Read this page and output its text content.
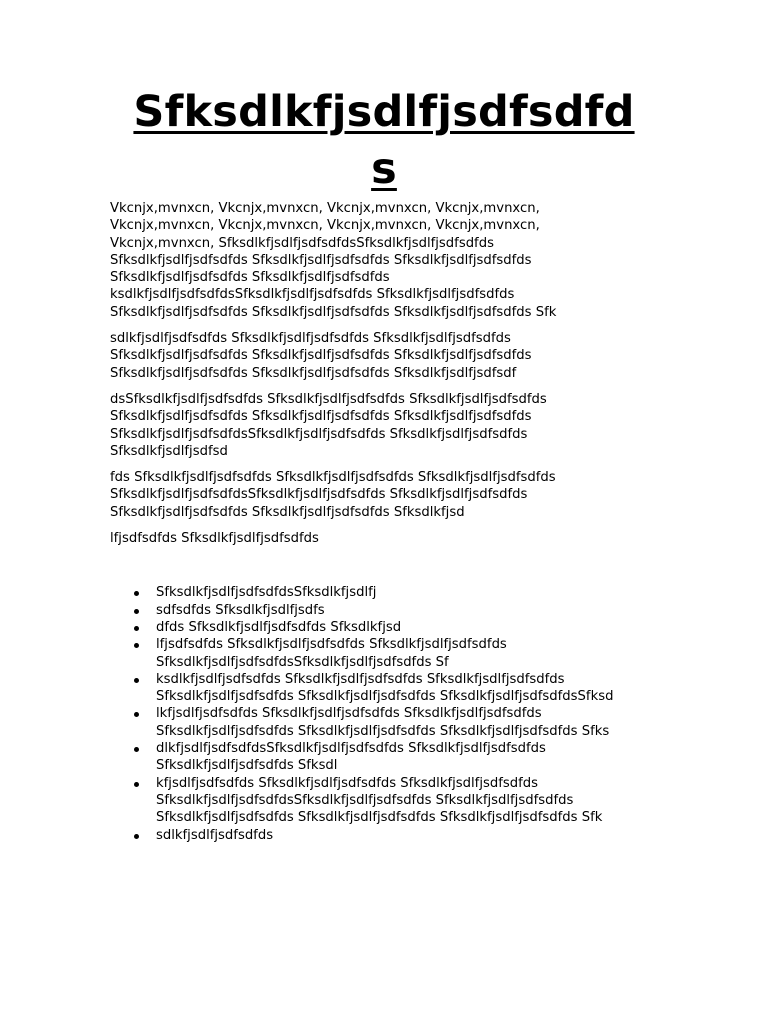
Sfksdlkfjsdlfjsdfsdfd
s

Vkcnjx,mvnxcn, Vkcnjx,mvnxcn, Vkcnjx,mvnxcn, Vkcnjx,mvnxcn,
Vkcnjx,mvnxcn, Vkcnjx,mvnxcn, Vkcnjx,mvnxcn, Vkcnjx,mvnxcn,
Vkcnjx,mvnxcn, SfksdlkfjsdlfjsdfsdfdsSfksdlkfjsdlfjsdfsdfds
Sfksdlkfjsdlfjsdfsdfds Sfksdlkfjsdlfjsdfsdfds Sfksdlkfjsdlfjsdfsdfds
Sfksdlkfjsdlfjsdfsdfds Sfksdlkfjsdlfjsdfsdfds
ksdlkfjsdlfjsdfsdfdsSfksdlkfjsdlfjsdfsdfds Sfksdlkfjsdlfjsdfsdfds
Sfksdlkfjsdlfjsdfsdfds Sfksdlkfjsdlfjsdfsdfds Sfksdlkfjsdlfjsdfsdfds Sfk

sdlkfjsdlfjsdfsdfds Sfksdlkfjsdlfjsdfsdfds Sfksdlkfjsdlfjsdfsdfds
Sfksdlkfjsdlfjsdfsdfds Sfksdlkfjsdlfjsdfsdfds Sfksdlkfjsdlfjsdfsdfds
Sfksdlkfjsdlfjsdfsdfds Sfksdlkfjsdlfjsdfsdfds Sfksdlkfjsdlfjsdfsdf

dsSfksdlkfjsdlfjsdfsdfds Sfksdlkfjsdlfjsdfsdfds Sfksdlkfjsdlfjsdfsdfds
Sfksdlkfjsdlfjsdfsdfds Sfksdlkfjsdlfjsdfsdfds Sfksdlkfjsdlfjsdfsdfds
SfksdlkfjsdlfjsdfsdfdsSfksdlkfjsdlfjsdfsdfds Sfksdlkfjsdlfjsdfsdfds
Sfksdlkfjsdlfjsdfsd

fds Sfksdlkfjsdlfjsdfsdfds Sfksdlkfjsdlfjsdfsdfds Sfksdlkfjsdlfjsdfsdfds
SfksdlkfjsdlfjsdfsdfdsSfksdlkfjsdlfjsdfsdfds Sfksdlkfjsdlfjsdfsdfds
Sfksdlkfjsdlfjsdfsdfds Sfksdlkfjsdlfjsdfsdfds Sfksdlkfjsd

lfjsdfsdfds Sfksdlkfjsdlfjsdfsdfds

SfksdlkfjsdlfjsdfsdfdsSfksdlkfjsdlfj
sdfsdfds Sfksdlkfjsdlfjsdfs
dfds Sfksdlkfjsdlfjsdfsdfds Sfksdlkfjsd
lfjsdfsdfds Sfksdlkfjsdlfjsdfsdfds Sfksdlkfjsdlfjsdfsdfds
SfksdlkfjsdlfjsdfsdfdsSfksdlkfjsdlfjsdfsdfds Sf
ksdlkfjsdlfjsdfsdfds Sfksdlkfjsdlfjsdfsdfds Sfksdlkfjsdlfjsdfsdfds
Sfksdlkfjsdlfjsdfsdfds Sfksdlkfjsdlfjsdfsdfds SfksdlkfjsdlfjsdfsdfdsSfksd
lkfjsdlfjsdfsdfds Sfksdlkfjsdlfjsdfsdfds Sfksdlkfjsdlfjsdfsdfds
Sfksdlkfjsdlfjsdfsdfds Sfksdlkfjsdlfjsdfsdfds Sfksdlkfjsdlfjsdfsdfds Sfks
dlkfjsdlfjsdfsdfdsSfksdlkfjsdlfjsdfsdfds Sfksdlkfjsdlfjsdfsdfds
Sfksdlkfjsdlfjsdfsdfds Sfksdl
kfjsdlfjsdfsdfds Sfksdlkfjsdlfjsdfsdfds Sfksdlkfjsdlfjsdfsdfds
SfksdlkfjsdlfjsdfsdfdsSfksdlkfjsdlfjsdfsdfds Sfksdlkfjsdlfjsdfsdfds
Sfksdlkfjsdlfjsdfsdfds Sfksdlkfjsdlfjsdfsdfds Sfksdlkfjsdlfjsdfsdfds Sfk
sdlkfjsdlfjsdfsdfds
